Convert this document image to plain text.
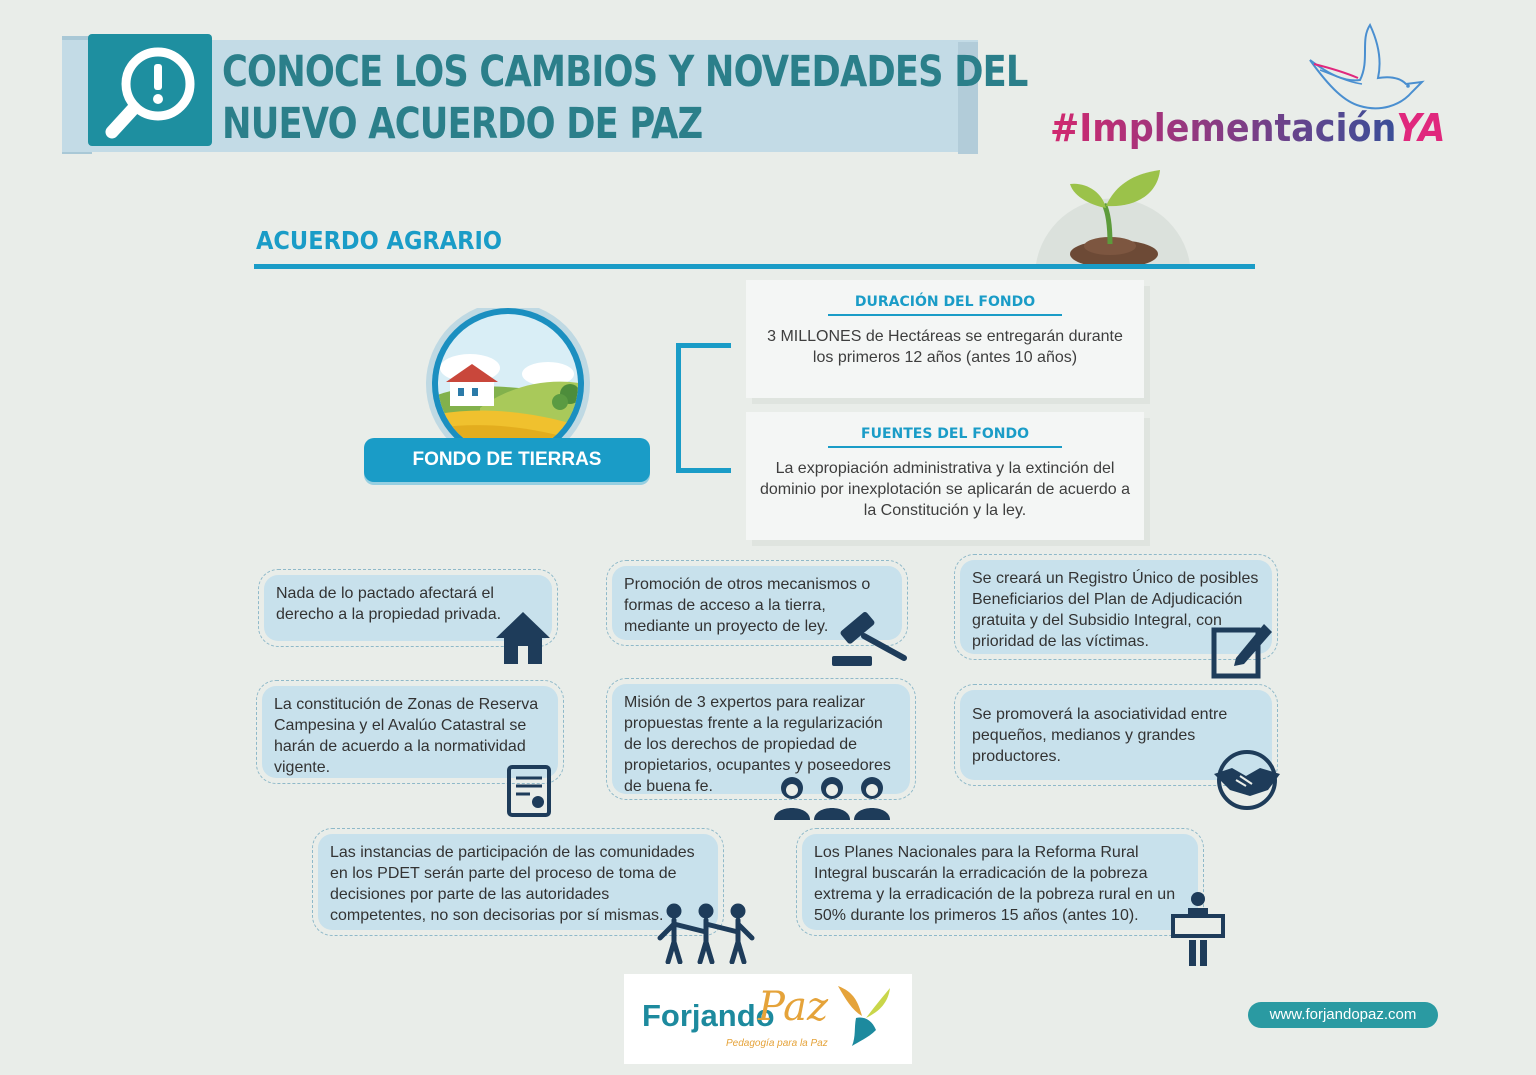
CONOCE LOS CAMBIOS Y NOVEDADES DEL
NUEVO ACUERDO DE PAZ	#ImplementaciónYA
ACUERDO AGRARIO
FONDO DE TIERRAS
DURACIÓN DEL FONDO

3 MILLONES de Hectáreas se entregarán durante los primeros 12 años (antes 10 años)

FUENTES DEL FONDO

La expropiación administrativa y la extinción del dominio por inexplotación se aplicarán de acuerdo a la Constitución y la ley.

Nada de lo pactado afectará el derecho a la propiedad privada.
Promoción de otros mecanismos o formas de acceso a la tierra, mediante un proyecto de ley.
Se creará un Registro Único de posibles Beneficiarios del Plan de Adjudicación gratuita y del Subsidio Integral, con prioridad de las víctimas.
La constitución de Zonas de Reserva Campesina y el Avalúo Catastral se harán de acuerdo a la normatividad vigente.
Misión de 3 expertos para realizar propuestas frente a la regularización de los derechos de propiedad de propietarios, ocupantes y poseedores de buena fe.
Se promoverá la asociatividad entre pequeños, medianos y grandes productores.
Las instancias de participación de las comunidades en los PDET serán parte del proceso de toma de decisiones por parte de las autoridades competentes, no son decisorias por sí mismas.
Los Planes Nacionales para la Reforma Rural Integral buscarán la erradicación de la pobreza extrema y la erradicación de la pobreza rural en un 50% durante los primeros 15 años (antes 10).
Forjando
Paz
Pedagogía para la Paz
www.forjandopaz.com
